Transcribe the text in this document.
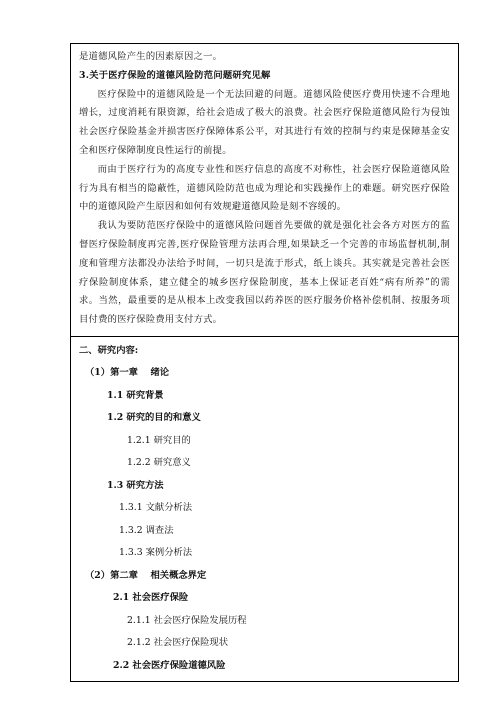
是道德风险产生的因素原因之一。

3.关于医疗保险的道德风险防范问题研究见解

医疗保险中的道德风险是一个无法回避的问题。道德风险使医疗费用快速不合理地增长，过度消耗有限资源，给社会造成了极大的浪费。社会医疗保险道德风险行为侵蚀社会医疗保险基金并损害医疗保障体系公平，对其进行有效的控制与约束是保障基金安全和医疗保障制度良性运行的前提。

而由于医疗行为的高度专业性和医疗信息的高度不对称性，社会医疗保险道德风险行为具有相当的隐蔽性，道德风险防范也成为理论和实践操作上的难题。研究医疗保险中的道德风险产生原因和如何有效规避道德风险是刻不容缓的。

我认为要防范医疗保险中的道德风险问题首先要做的就是强化社会各方对医方的监督医疗保险制度再完善,医疗保险管理方法再合理,如果缺乏一个完善的市场监督机制,制度和管理方法都没办法给予时间，一切只是流于形式，纸上谈兵。其实就是完善社会医疗保险制度体系，建立健全的城乡医疗保险制度，基本上保证老百姓“病有所养”的需求。当然，最重要的是从根本上改变我国以药养医的医疗服务价格补偿机制、按服务项目付费的医疗保险费用支付方式。

二、研究内容:

（1）第一章　 绪论

1.1 研究背景

1.2 研究的目的和意义

1.2.1 研究目的

1.2.2 研究意义

1.3 研究方法

1.3.1 文献分析法

1.3.2 调查法

1.3.3 案例分析法

（2）第二章　 相关概念界定

2.1 社会医疗保险

2.1.1 社会医疗保险发展历程

2.1.2 社会医疗保险现状

2.2 社会医疗保险道德风险
